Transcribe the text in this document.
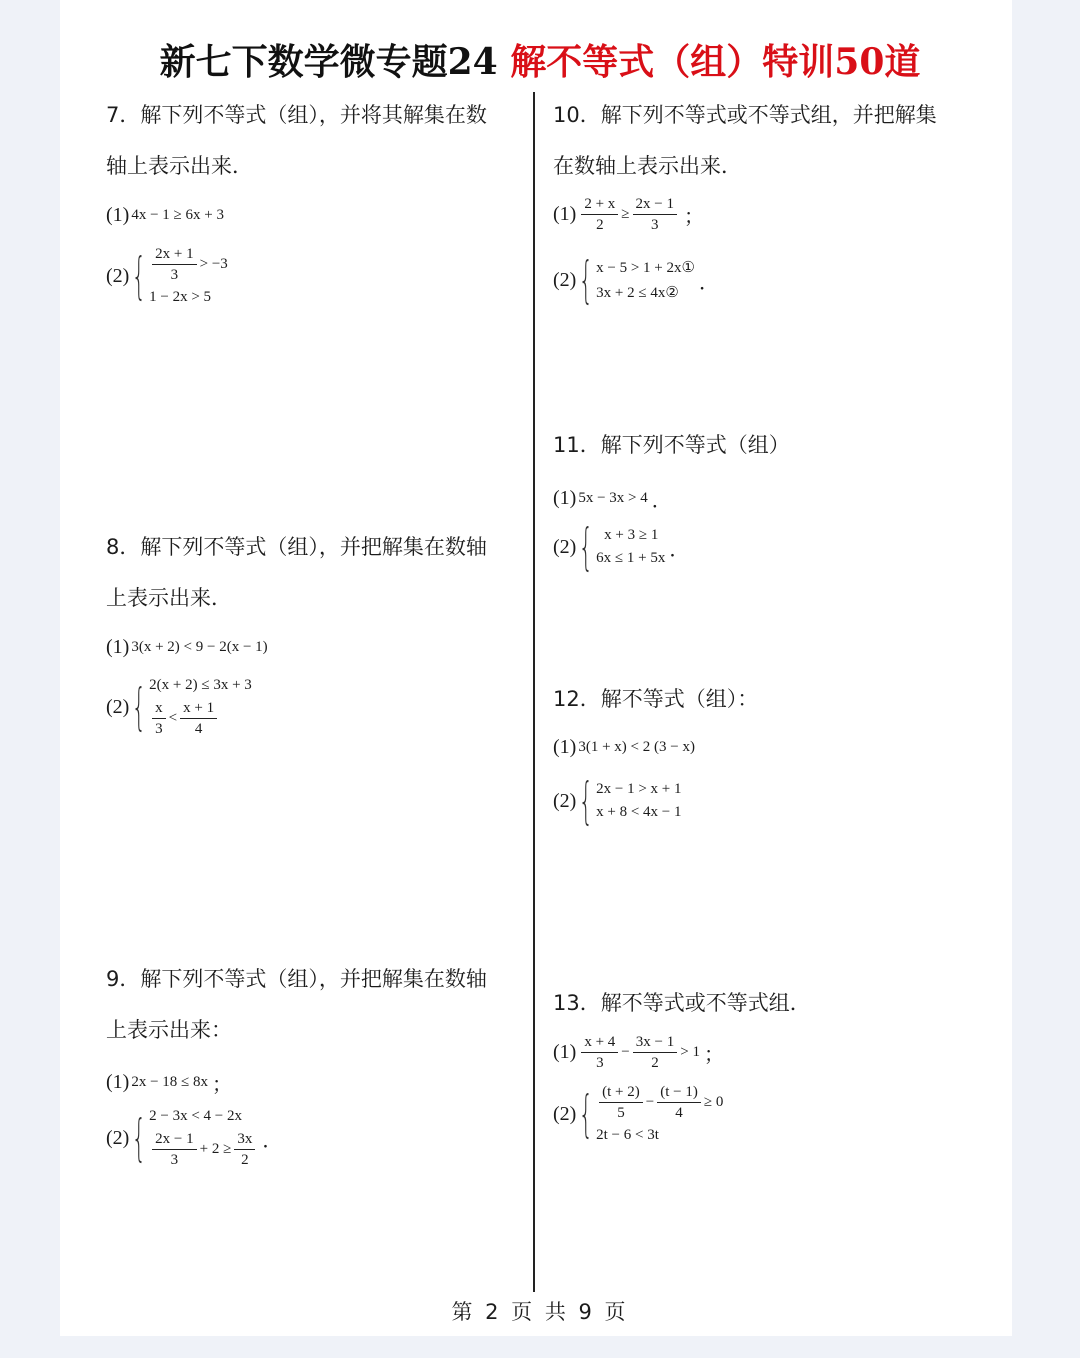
新七下数学微专题24 解不等式（组）特训50道
7．解下列不等式（组），并将其解集在数
轴上表示出来．
(1) 4x − 1 ≥ 6x + 3
(2) { $\frac{2x + 1}{3} > -3$
1 − 2x > 5
8．解下列不等式（组），并把解集在数轴
上表示出来．
(1) 3(x + 2) < 9 − 2(x − 1)
(2) { 2(x + 2) ≤ 3x + 3
$\frac{x}{3} < \frac{x + 1}{4}$
9．解下列不等式（组），并把解集在数轴
上表示出来：
(1) 2x − 18 ≤ 8x ；
(2) { 2 − 3x < 4 − 2x
$\frac{2x - 1}{3} + 2 \ge \frac{3x}{2}$ ．
10．解下列不等式或不等式组，并把解集
在数轴上表示出来．
$(1) \frac{2 + x}{2} \ge \frac{2x - 1}{3}$ ；
(2) { x − 5 > 1 + 2x①
3x + 2 ≤ 4x②	．
11．解下列不等式（组）
(1) 5x − 3x > 4 ．
(2) { x + 3 ≥ 1
6x ≤ 1 + 5x ．
12．解不等式（组）：
(1) 3(1 + x) < 2 (3 − x)
(2) { 2x − 1 > x + 1
x + 8 < 4x − 1
13．解不等式或不等式组．
$(1) \frac{x + 4}{3} - \frac{3x - 1}{2} > 1$ ；
(2) { $\frac{(t + 2)}{5} - \frac{(t - 1)}{4} \ge 0$
2t − 6 < 3t
第 2 页 共 9 页
